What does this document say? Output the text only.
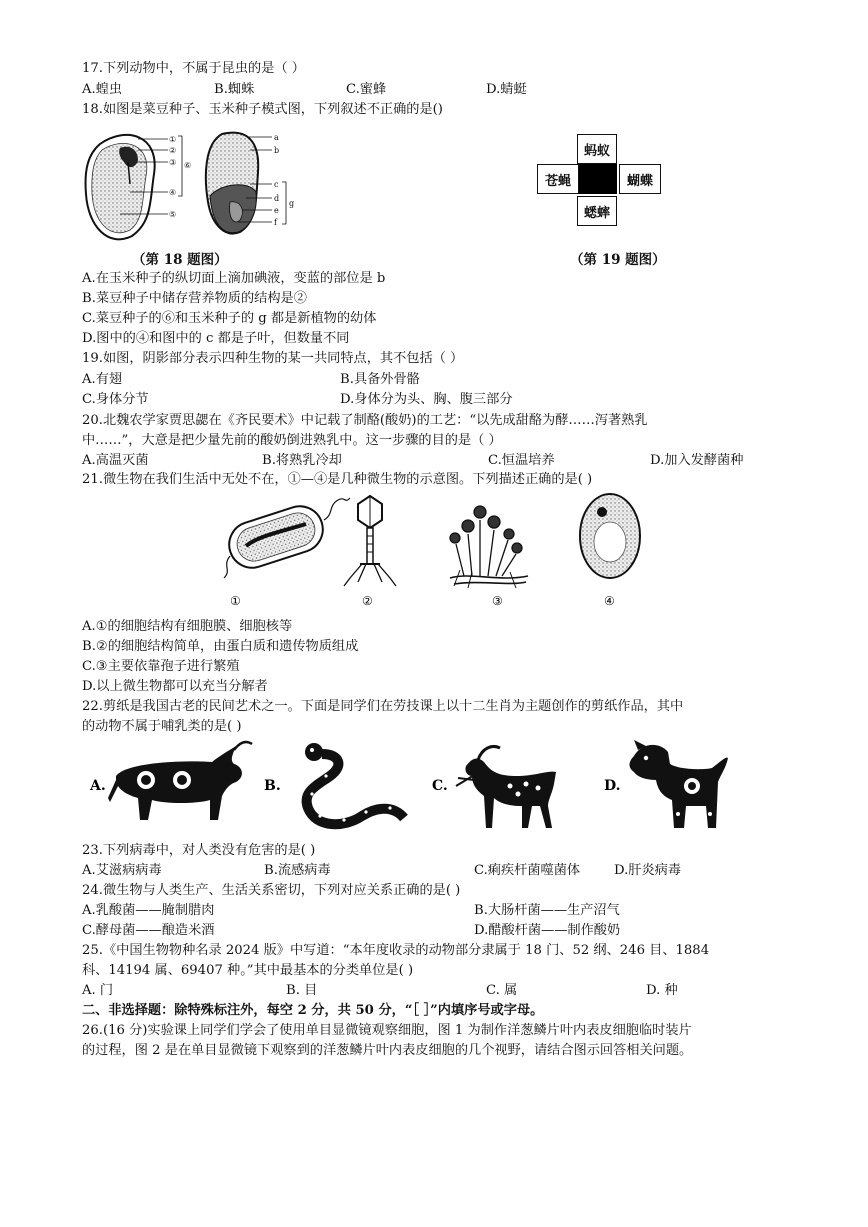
17.下列动物中，不属于昆虫的是（ ）
A.蝗虫	B.蜘蛛	C.蜜蜂	D.蜻蜓
18.如图是菜豆种子、玉米种子模式图，下列叙述不正确的是()
①
②
③
④
⑤
⑥
a
b
c
d
e
f
g
（第 18 题图）
蚂蚁
苍蝇	蝴蝶
蟋蟀
（第 19 题图）
A.在玉米种子的纵切面上滴加碘液，变蓝的部位是 b
B.菜豆种子中储存营养物质的结构是②
C.菜豆种子的⑥和玉米种子的 g 都是新植物的幼体
D.图中的④和图中的 c 都是子叶，但数量不同
19.如图，阴影部分表示四种生物的某一共同特点，其不包括（ ）
A.有翅	B.具备外骨骼
C.身体分节	D.身体分为头、胸、腹三部分
20.北魏农学家贾思勰在《齐民要术》中记载了制酪(酸奶)的工艺：“以先成甜酪为酵……泻著熟乳
中……”，大意是把少量先前的酸奶倒进熟乳中。这一步骤的目的是（ ）
A.高温灭菌	B.将熟乳冷却	C.恒温培养	D.加入发酵菌种
21.微生物在我们生活中无处不在，①—④是几种微生物的示意图。下列描述正确的是( )
①	②	③	④
A.①的细胞结构有细胞膜、细胞核等
B.②的细胞结构简单，由蛋白质和遗传物质组成
C.③主要依靠孢子进行繁殖
D.以上微生物都可以充当分解者
22.剪纸是我国古老的民间艺术之一。下面是同学们在劳技课上以十二生肖为主题创作的剪纸作品，其中
的动物不属于哺乳类的是( )
A.	B.	C.	D.
23.下列病毒中，对人类没有危害的是( )
A.艾滋病病毒	B.流感病毒	C.痢疾杆菌噬菌体	D.肝炎病毒
24.微生物与人类生产、生活关系密切，下列对应关系正确的是( )
A.乳酸菌——腌制腊肉	B.大肠杆菌——生产沼气
C.酵母菌——酿造米酒	D.醋酸杆菌——制作酸奶
25.《中国生物物种名录 2024 版》中写道：“本年度收录的动物部分隶属于 18 门、52 纲、246 目、1884
科、14194 属、69407 种。”其中最基本的分类单位是( )
A. 门	B. 目	C. 属	D. 种
二、非选择题：除特殊标注外，每空 2 分，共 50 分，“［ ］”内填序号或字母。
26.(16 分)实验课上同学们学会了使用单目显微镜观察细胞，图 1 为制作洋葱鳞片叶内表皮细胞临时装片
的过程，图 2 是在单目显微镜下观察到的洋葱鳞片叶内表皮细胞的几个视野，请结合图示回答相关问题。
